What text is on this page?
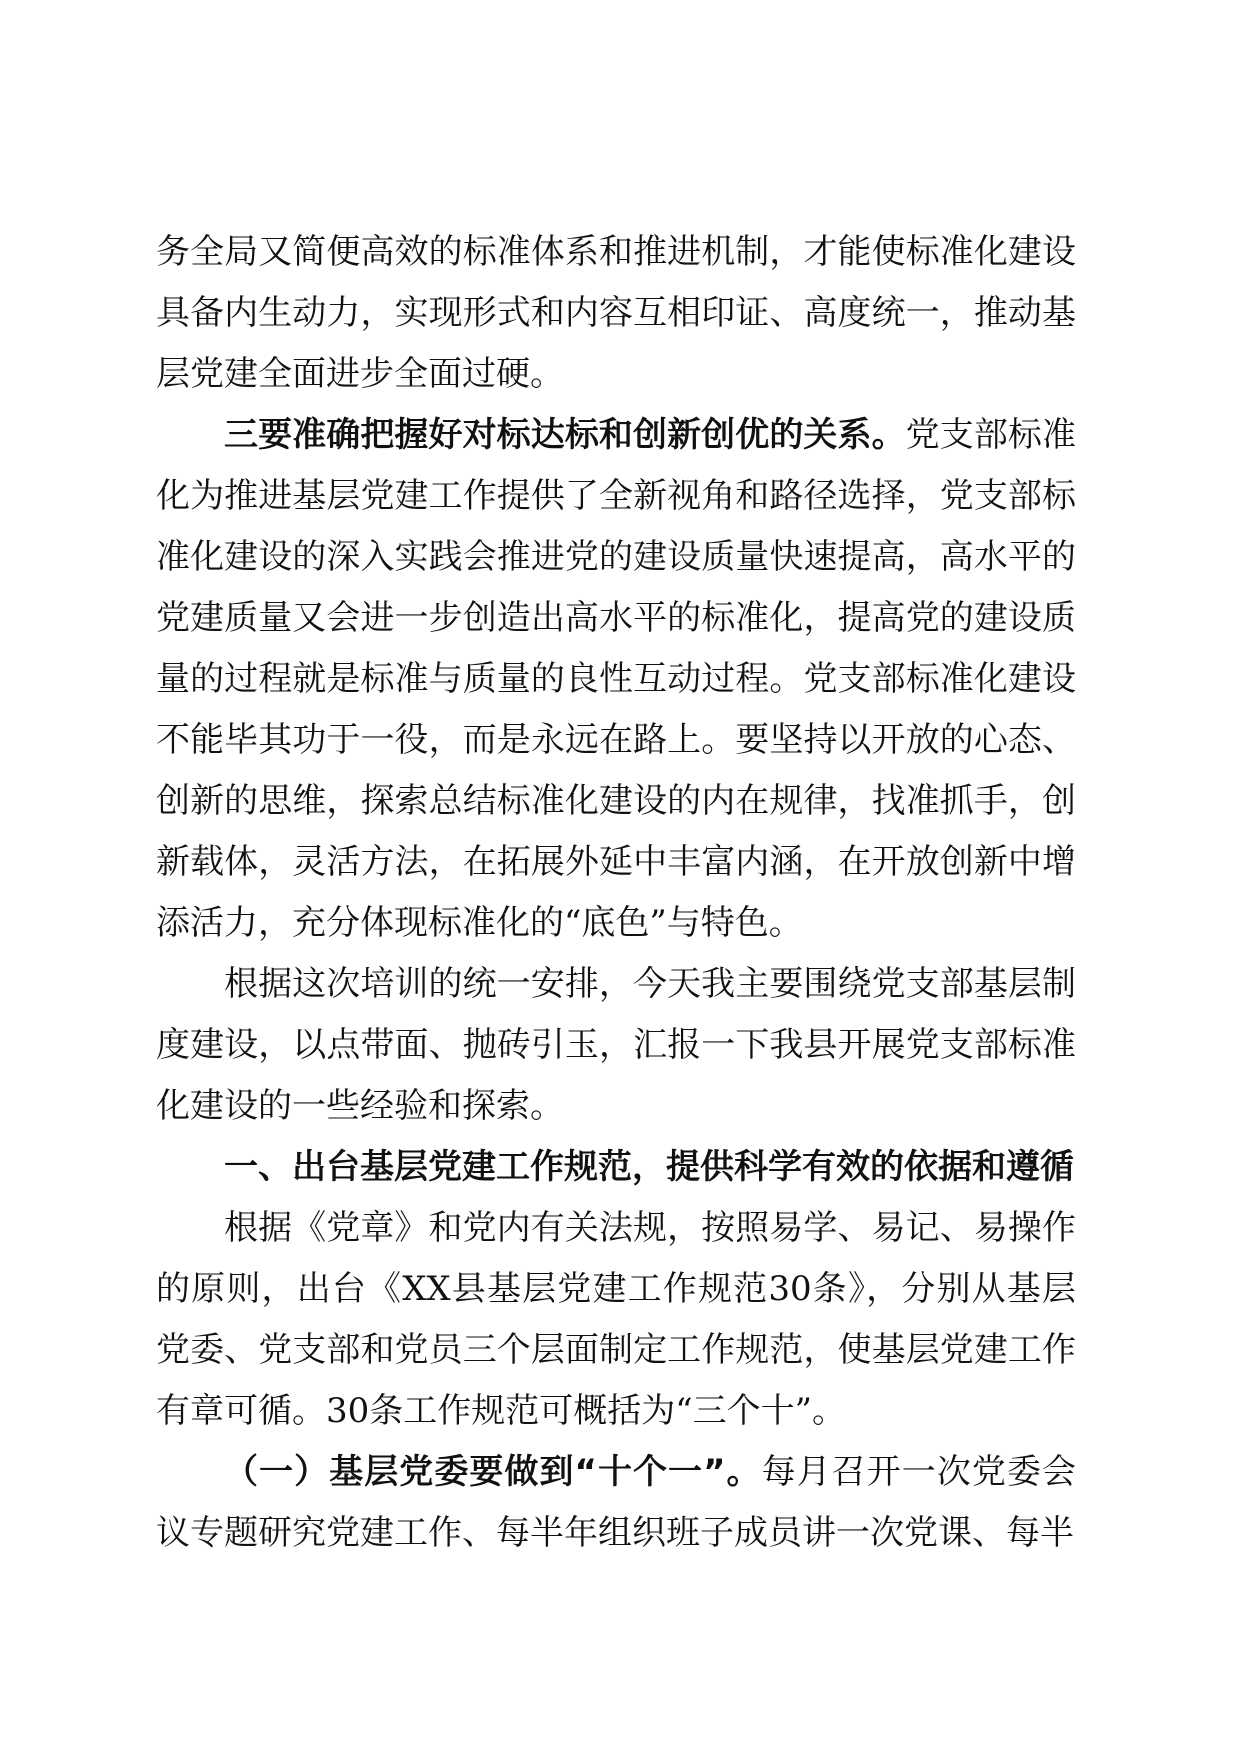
务全局又简便高效的标准体系和推进机制，才能使标准化建设具备内生动力，实现形式和内容互相印证、高度统一，推动基层党建全面进步全面过硬。

三要准确把握好对标达标和创新创优的关系。党支部标准化为推进基层党建工作提供了全新视角和路径选择，党支部标准化建设的深入实践会推进党的建设质量快速提高，高水平的党建质量又会进一步创造出高水平的标准化，提高党的建设质量的过程就是标准与质量的良性互动过程。党支部标准化建设不能毕其功于一役，而是永远在路上。要坚持以开放的心态、创新的思维，探索总结标准化建设的内在规律，找准抓手，创新载体，灵活方法，在拓展外延中丰富内涵，在开放创新中增添活力，充分体现标准化的“底色”与特色。

根据这次培训的统一安排，今天我主要围绕党支部基层制度建设，以点带面、抛砖引玉，汇报一下我县开展党支部标准化建设的一些经验和探索。

一、出台基层党建工作规范，提供科学有效的依据和遵循

根据《党章》和党内有关法规，按照易学、易记、易操作的原则，出台《XX县基层党建工作规范30条》，分别从基层党委、党支部和党员三个层面制定工作规范，使基层党建工作有章可循。30条工作规范可概括为“三个十”。

（一）基层党委要做到“十个一”。每月召开一次党委会议专题研究党建工作、每半年组织班子成员讲一次党课、每半
